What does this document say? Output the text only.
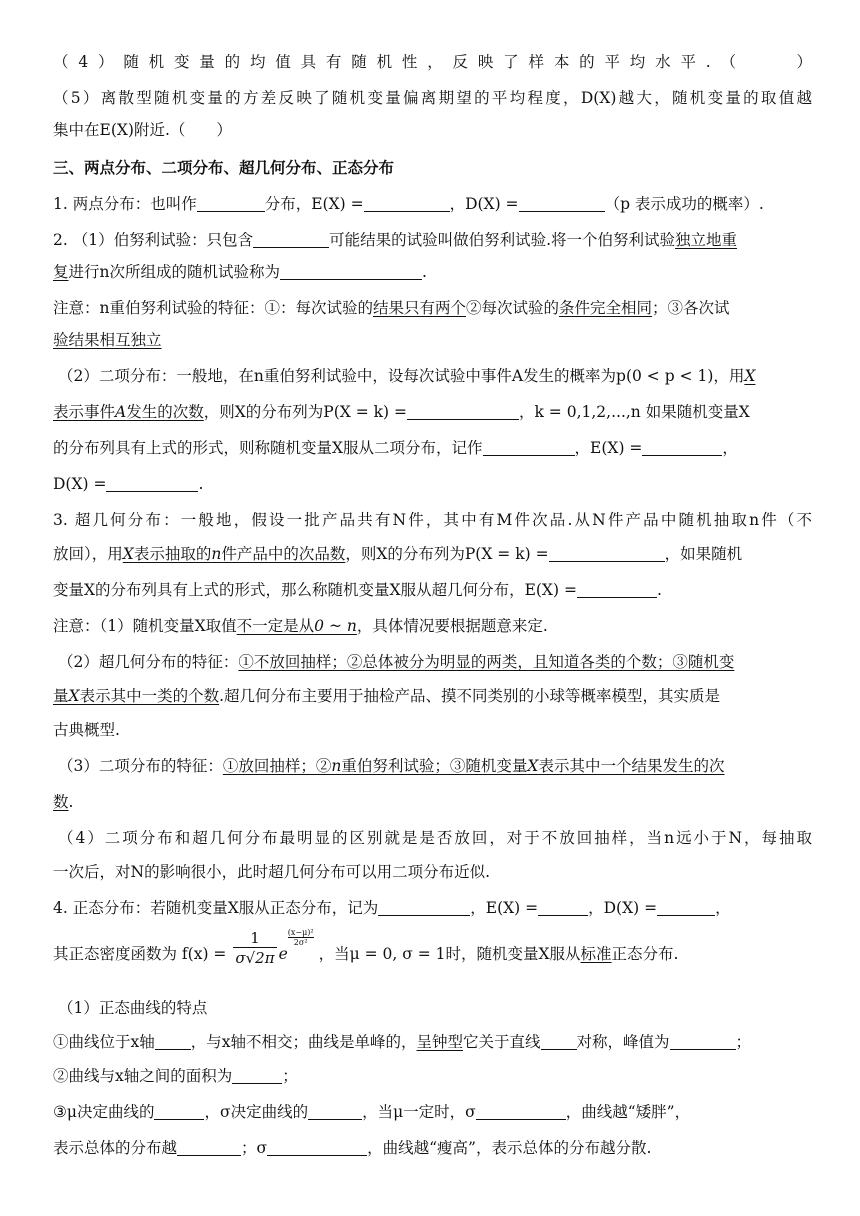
（4）随机变量的均值具有随机性，反映了样本的平均水平.（　　）
（5）离散型随机变量的方差反映了随机变量偏离期望的平均程度，D(X)越大，随机变量的取值越
集中在E(X)附近.（　　）
三、两点分布、二项分布、超几何分布、正态分布
1. 两点分布：也叫作	分布，E(X) =	，D(X) =	（p 表示成功的概率）.
2. （1）伯努利试验：只包含	可能结果的试验叫做伯努利试验.将一个伯努利试验独立地重
复进行n次所组成的随机试验称为	.
注意：n重伯努利试验的特征：①：每次试验的结果只有两个②每次试验的条件完全相同；③各次试
验结果相互独立
（2）二项分布：一般地，在n重伯努利试验中，设每次试验中事件A发生的概率为p(0 < p < 1)，用X
表示事件A发生的次数，则X的分布列为P(X = k) =	，k = 0,1,2,...,n 如果随机变量X
的分布列具有上式的形式，则称随机变量X服从二项分布，记作	，E(X) =	，
D(X) =	.
3. 超几何分布：一般地，假设一批产品共有N件，其中有M件次品.从N件产品中随机抽取n件（不
放回），用X表示抽取的n件产品中的次品数，则X的分布列为P(X = k) =	，如果随机
变量X的分布列具有上式的形式，那么称随机变量X服从超几何分布，E(X) =	.
注意：（1）随机变量X取值不一定是从0 ~ n，具体情况要根据题意来定.
（2）超几何分布的特征：①不放回抽样；②总体被分为明显的两类，且知道各类的个数；③随机变
量X表示其中一类的个数.超几何分布主要用于抽检产品、摸不同类别的小球等概率模型，其实质是
古典概型.
（3）二项分布的特征：①放回抽样；②n重伯努利试验；③随机变量X表示其中一个结果发生的次
数.
（4）二项分布和超几何分布最明显的区别就是是否放回，对于不放回抽样，当n远小于N，每抽取
一次后，对N的影响很小，此时超几何分布可以用二项分布近似.
4. 正态分布：若随机变量X服从正态分布，记为	，E(X) =	，D(X) =	，
其正态密度函数为 $f(x) = \frac{1}{\sigma√2\pi}$ e
$\frac{\text{(x−μ)²}}{\text{2σ²}}$
，当μ = 0, σ = 1时，随机变量X服从标准正态分布.
（1）正态曲线的特点
①曲线位于x轴 ，与x轴不相交；曲线是单峰的，呈钟型它关于直线 对称，峰值为	；
②曲线与x轴之间的面积为	；
③μ决定曲线的	，σ决定曲线的	，当μ一定时，σ	，曲线越“矮胖”，
表示总体的分布越	；σ	，曲线越“瘦高”，表示总体的分布越分散.
